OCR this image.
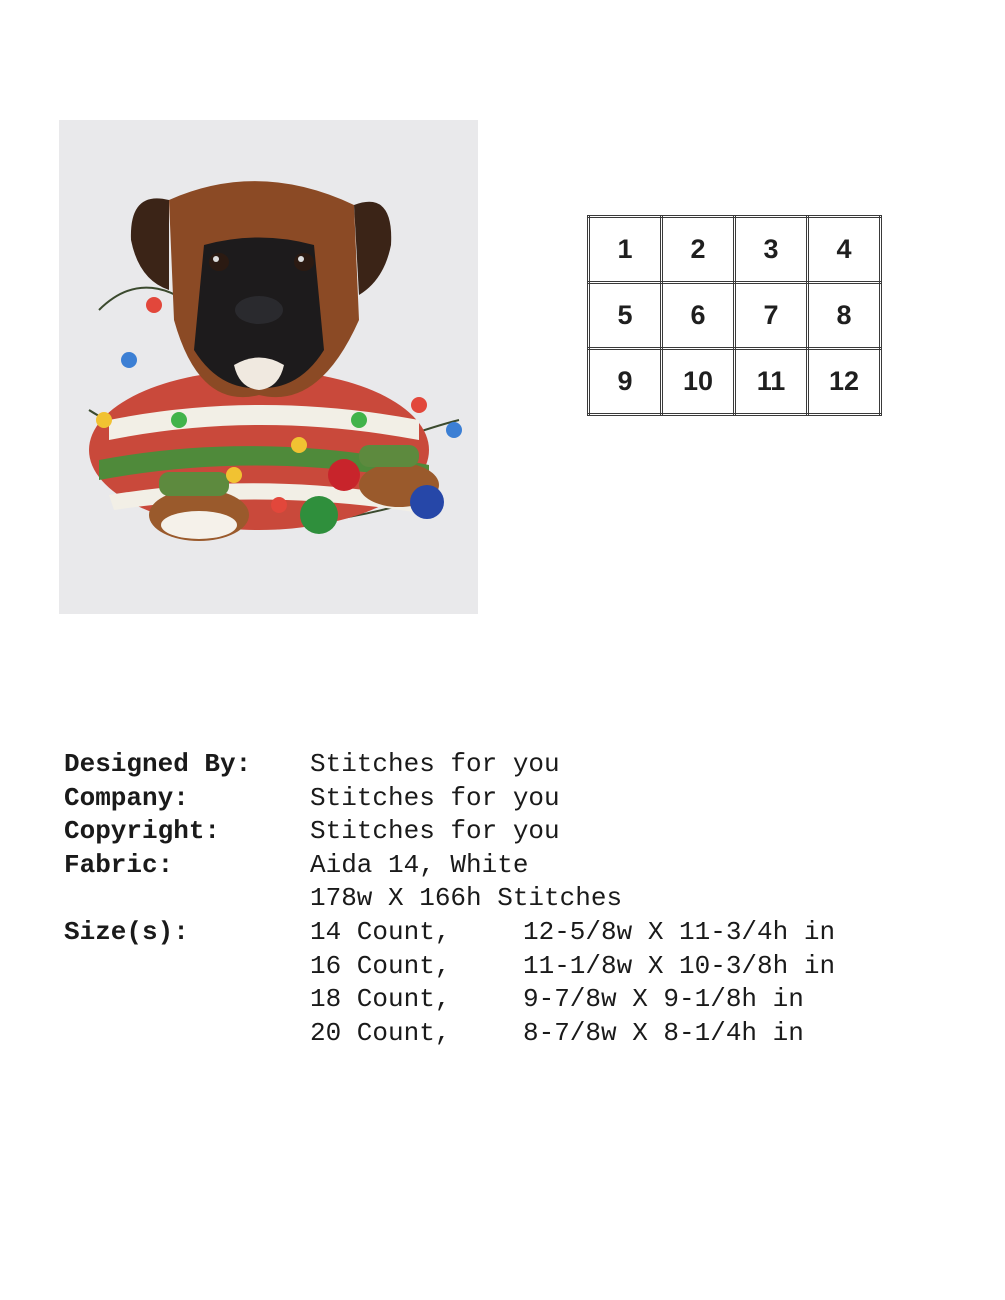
1	2	3	4
5	6	7	8
9	10	11	12
Designed By:	Stitches for you
Company:	Stitches for you
Copyright:	Stitches for you
Fabric:	Aida 14, White
178w X 166h Stitches
Size(s):	14 Count,	12-5/8w X 11-3/4h in
16 Count,	11-1/8w X 10-3/8h in
18 Count,	9-7/8w X 9-1/8h in
20 Count,	8-7/8w X 8-1/4h in
